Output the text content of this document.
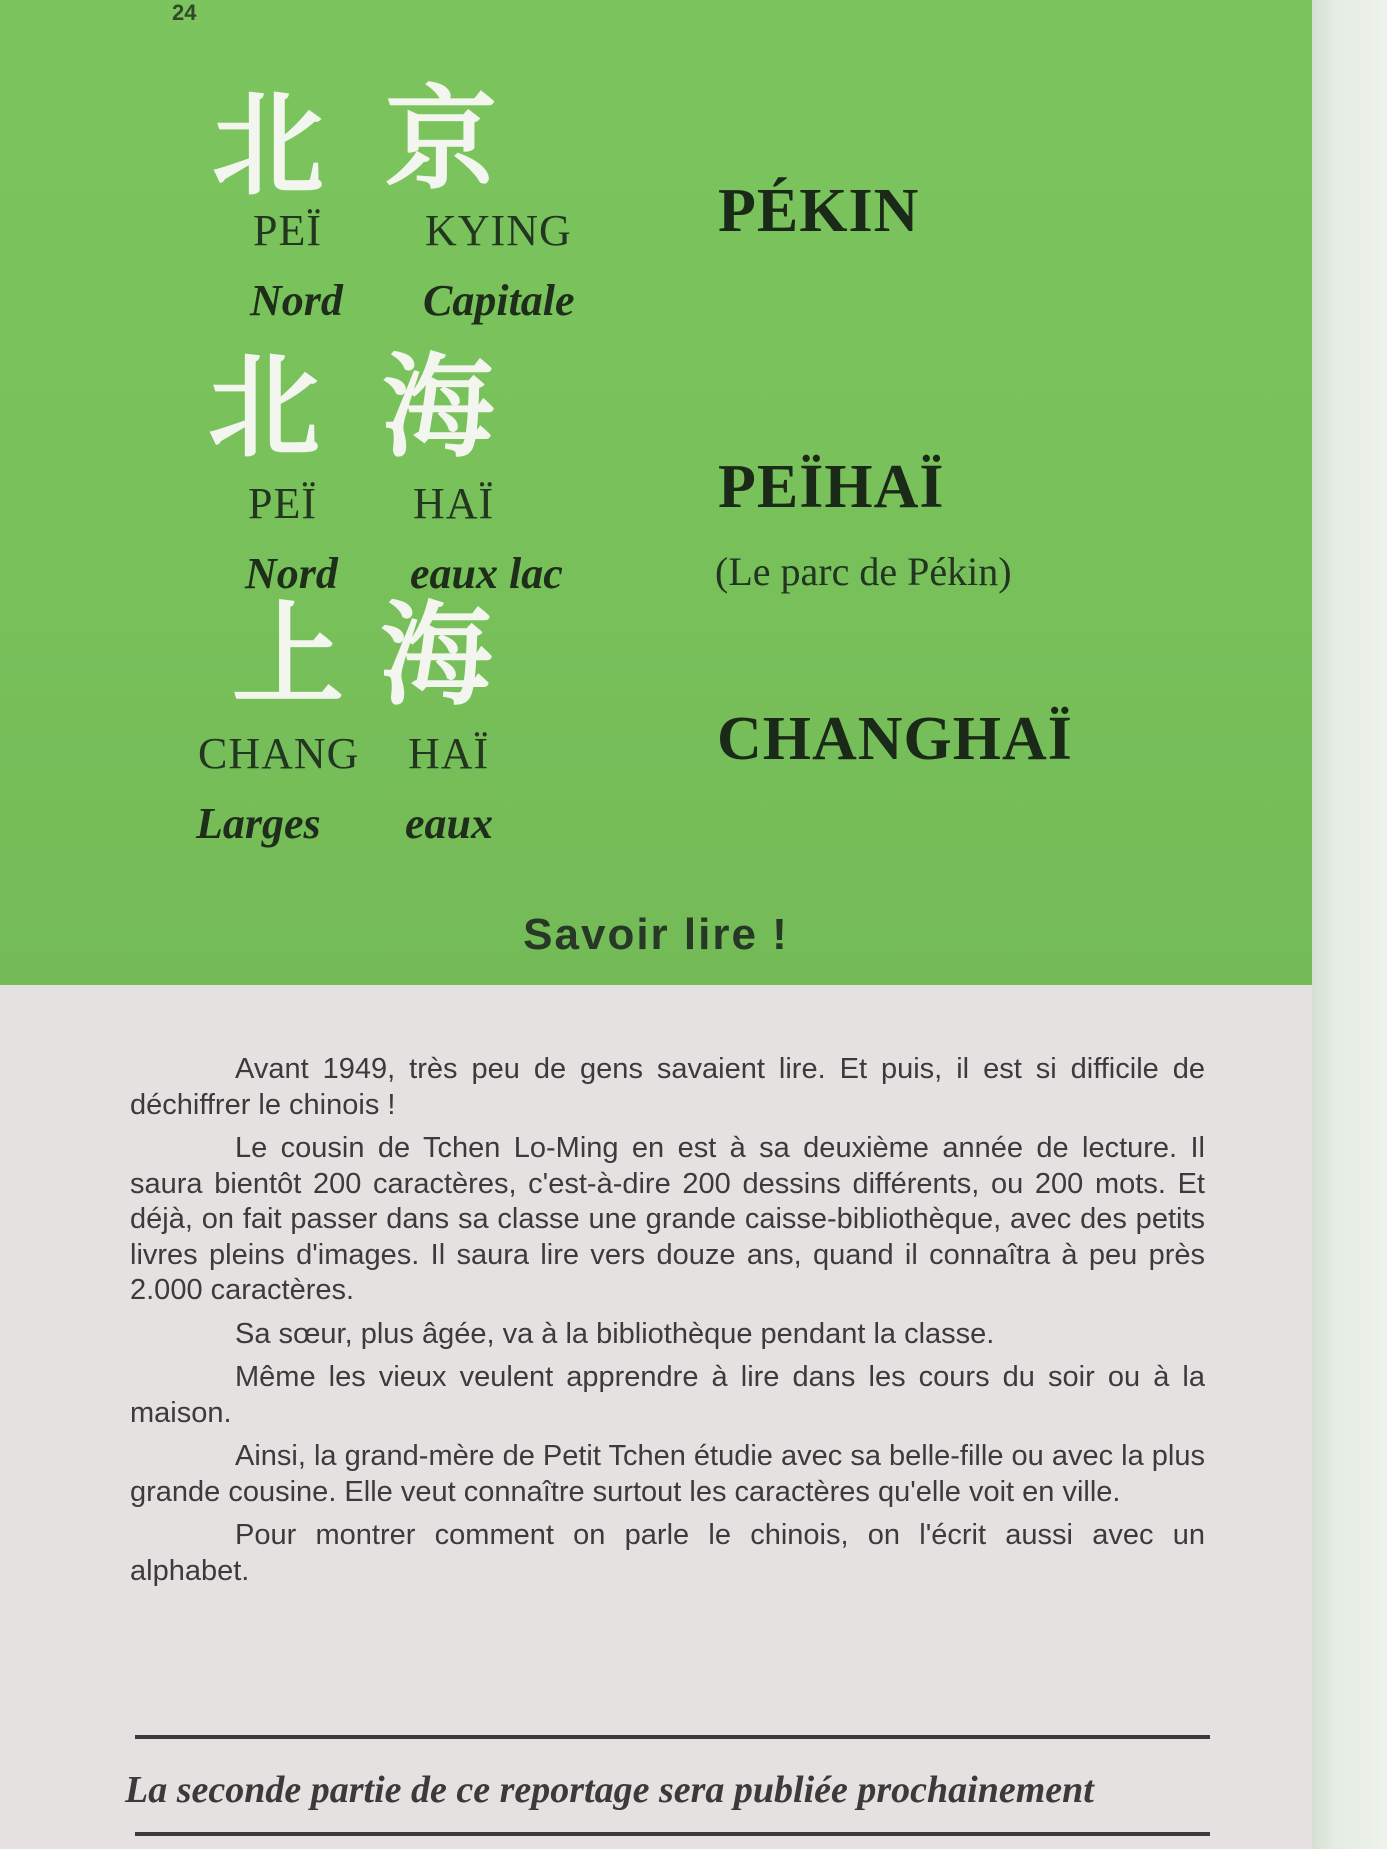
24
北 京
PEÏ KYING
Nord Capitale
PÉKIN
北 海
PEÏ HAÏ
Nord eaux lac
PEÏHAÏ
(Le parc de Pékin)
上 海
CHANG HAÏ
Larges eaux
CHANGHAÏ
Savoir lire !

Avant 1949, très peu de gens savaient lire. Et puis, il est si difficile de déchiffrer le chinois !

Le cousin de Tchen Lo-Ming en est à sa deuxième année de lecture. Il saura bientôt 200 caractères, c'est-à-dire 200 dessins différents, ou 200 mots. Et déjà, on fait passer dans sa classe une grande caisse-bibliothèque, avec des petits livres pleins d'images. Il saura lire vers douze ans, quand il connaîtra à peu près 2.000 caractères.

Sa sœur, plus âgée, va à la bibliothèque pendant la classe.

Même les vieux veulent apprendre à lire dans les cours du soir ou à la maison.

Ainsi, la grand-mère de Petit Tchen étudie avec sa belle-fille ou avec la plus grande cousine. Elle veut connaître surtout les caractères qu'elle voit en ville.

Pour montrer comment on parle le chinois, on l'écrit aussi avec un alphabet.

La seconde partie de ce reportage sera publiée prochainement
